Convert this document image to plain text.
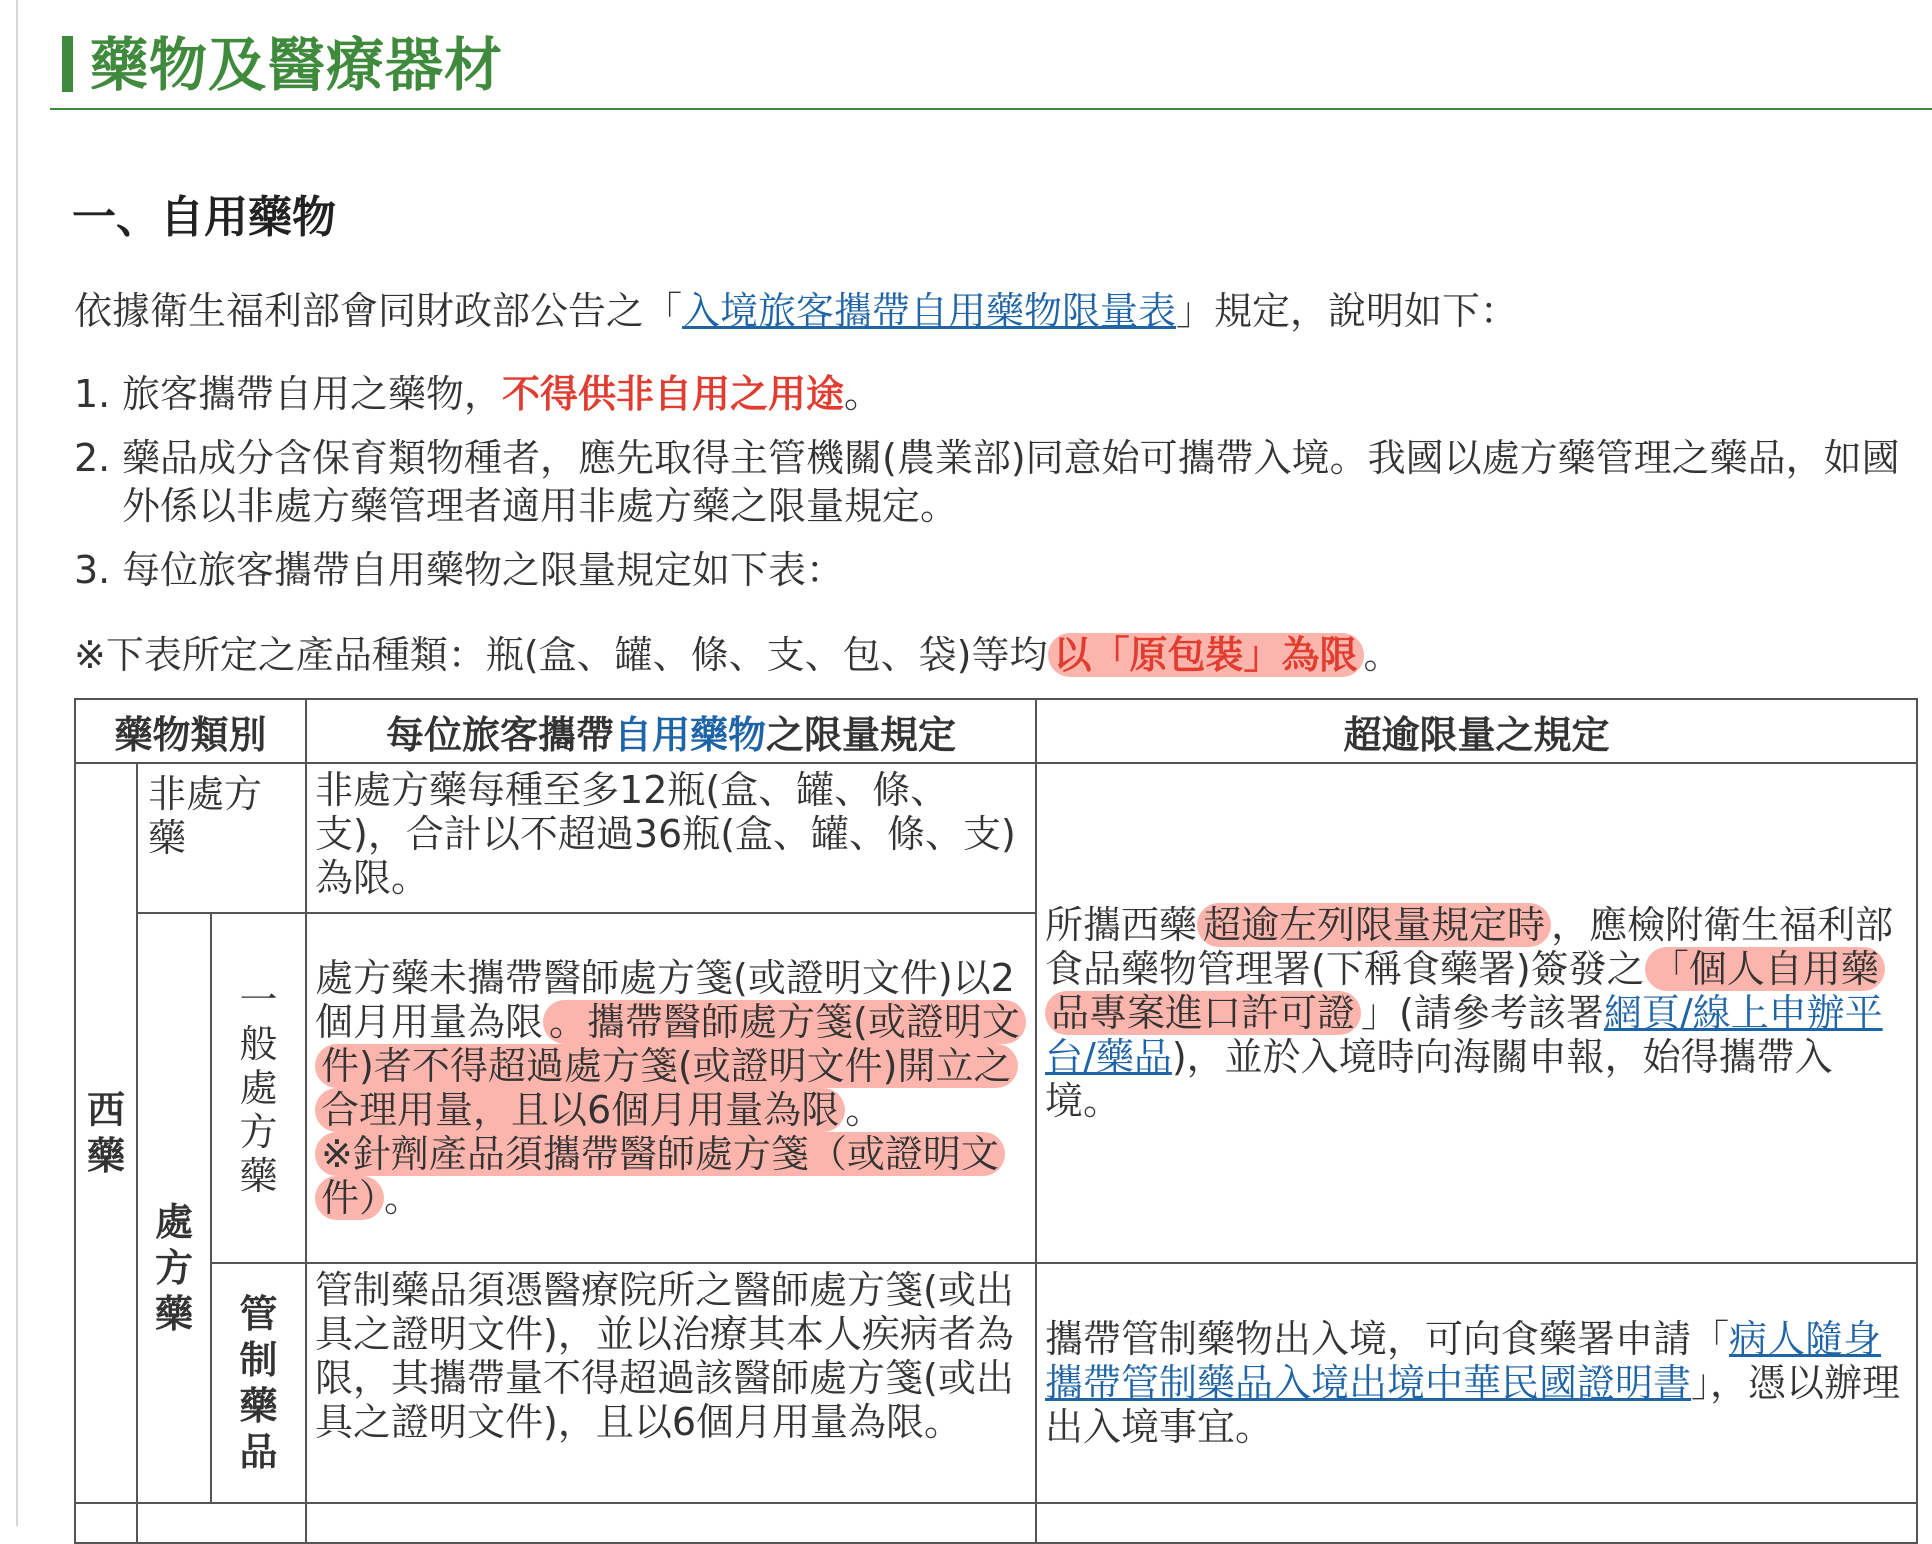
藥物及醫療器材
一、自用藥物
依據衛生福利部會同財政部公告之「入境旅客攜帶自用藥物限量表」規定，說明如下：
1. 旅客攜帶自用之藥物，不得供非自用之用途。
2. 藥品成分含保育類物種者，應先取得主管機關(農業部)同意始可攜帶入境。我國以處方藥管理之藥品，如國外係以非處方藥管理者適用非處方藥之限量規定。
3. 每位旅客攜帶自用藥物之限量規定如下表：
※下表所定之產品種類：瓶(盒、罐、條、支、包、袋)等均 以「原包裝」為限 。
藥物類別			每位旅客攜帶自用藥物之限量規定	超逾限量之規定

西藥	非處方藥		非處方藥每種至多12瓶(盒、罐、條、支)，合計以不超過36瓶(盒、罐、條、支)為限。	所攜西藥 超逾左列限量規定時 ，應檢附衛生福利部食品藥物管理署(下稱食藥署)簽發之 「個人自用藥品專案進口許可證 」(請參考該署網頁/線上申辦平台/藥品)，並於入境時向海關申報，始得攜帶入境。

	處方藥	一般處方藥	處方藥未攜帶醫師處方箋(或證明文件)以2個月用量為限 。攜帶醫師處方箋(或證明文件)者不得超過處方箋(或證明文件)開立之合理用量，且以6個月用量為限 。
※針劑產品須攜帶醫師處方箋（或證明文件） 。	

		管制藥品	管制藥品須憑醫療院所之醫師處方箋(或出具之證明文件)，並以治療其本人疾病者為限，其攜帶量不得超過該醫師處方箋(或出具之證明文件)，且以6個月用量為限。	攜帶管制藥物出入境，可向食藥署申請「病人隨身攜帶管制藥品入境出境中華民國證明書」，憑以辦理出入境事宜。
